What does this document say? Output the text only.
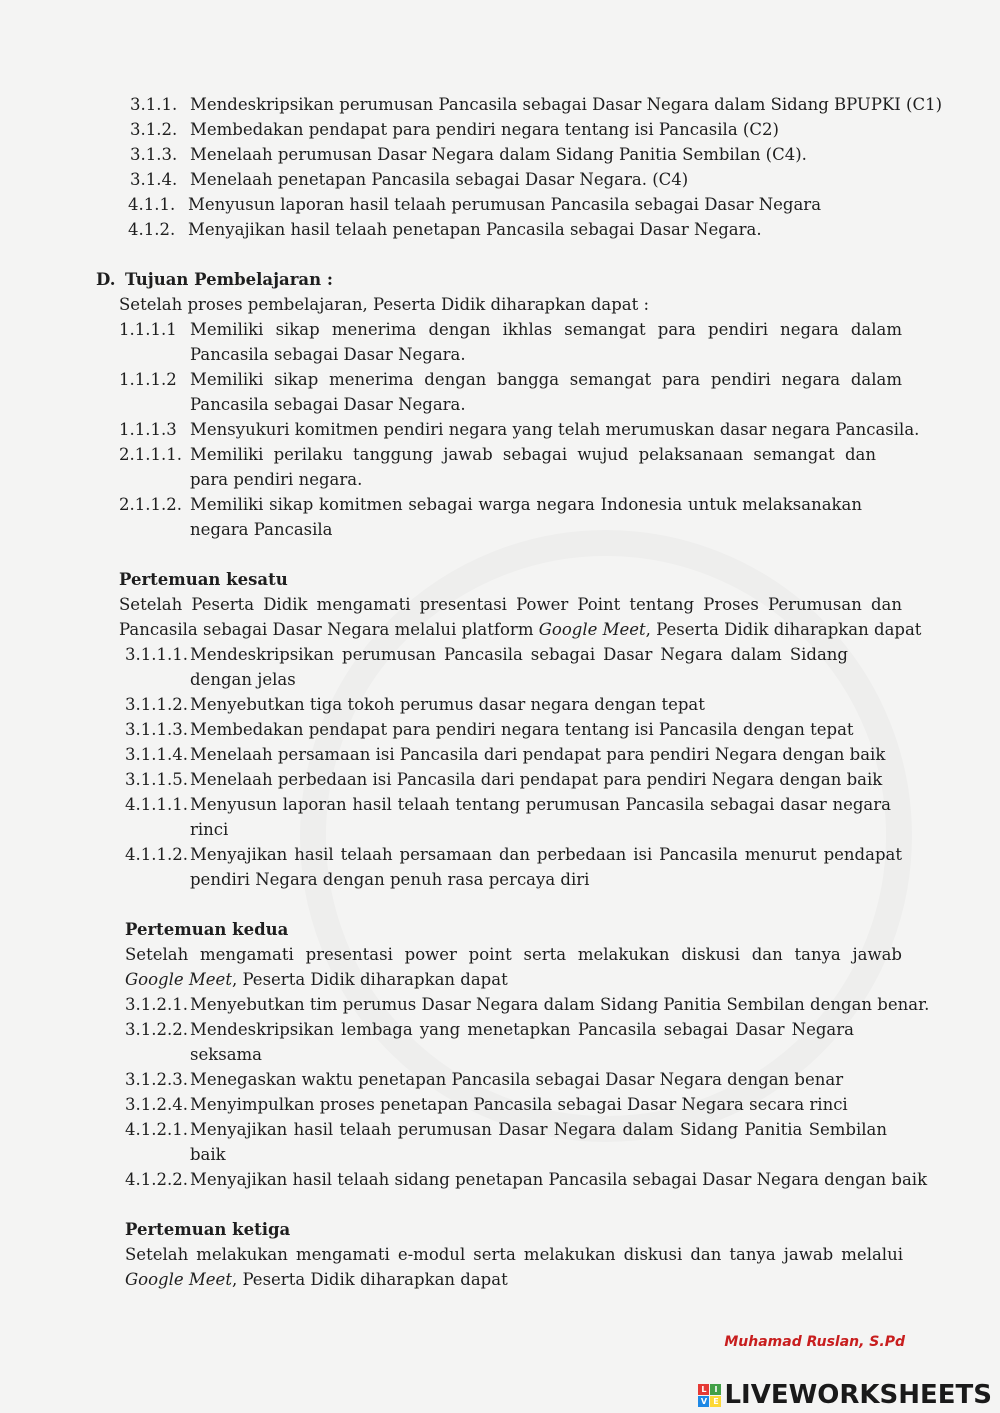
3.1.1. Mendeskripsikan perumusan Pancasila sebagai Dasar Negara dalam Sidang BPUPKI (C1)
3.1.2. Membedakan pendapat para pendiri negara tentang isi Pancasila (C2)
3.1.3. Menelaah perumusan Dasar Negara dalam Sidang Panitia Sembilan (C4).
3.1.4. Menelaah penetapan Pancasila sebagai Dasar Negara. (C4)
4.1.1. Menyusun laporan hasil telaah perumusan Pancasila sebagai Dasar Negara
4.1.2. Menyajikan hasil telaah penetapan Pancasila sebagai Dasar Negara.
D. Tujuan Pembelajaran :
Setelah proses pembelajaran, Peserta Didik diharapkan dapat :
1.1.1.1 Memiliki sikap menerima dengan ikhlas semangat para pendiri negara dalam
Pancasila sebagai Dasar Negara.
1.1.1.2 Memiliki sikap menerima dengan bangga semangat para pendiri negara dalam
Pancasila sebagai Dasar Negara.
1.1.1.3 Mensyukuri komitmen pendiri negara yang telah merumuskan dasar negara Pancasila.
2.1.1.1. Memiliki perilaku tanggung jawab sebagai wujud pelaksanaan semangat dan
para pendiri negara.
2.1.1.2. Memiliki sikap komitmen sebagai warga negara Indonesia untuk melaksanakan
negara Pancasila
Pertemuan kesatu
Setelah Peserta Didik mengamati presentasi Power Point tentang Proses Perumusan dan
Pancasila sebagai Dasar Negara melalui platform Google Meet, Peserta Didik diharapkan dapat
3.1.1.1. Mendeskripsikan perumusan Pancasila sebagai Dasar Negara dalam Sidang
dengan jelas
3.1.1.2. Menyebutkan tiga tokoh perumus dasar negara dengan tepat
3.1.1.3. Membedakan pendapat para pendiri negara tentang isi Pancasila dengan tepat
3.1.1.4. Menelaah persamaan isi Pancasila dari pendapat para pendiri Negara dengan baik
3.1.1.5. Menelaah perbedaan isi Pancasila dari pendapat para pendiri Negara dengan baik
4.1.1.1. Menyusun laporan hasil telaah tentang perumusan Pancasila sebagai dasar negara
rinci
4.1.1.2. Menyajikan hasil telaah persamaan dan perbedaan isi Pancasila menurut pendapat
pendiri Negara dengan penuh rasa percaya diri
Pertemuan kedua
Setelah mengamati presentasi power point serta melakukan diskusi dan tanya jawab
Google Meet, Peserta Didik diharapkan dapat
3.1.2.1. Menyebutkan tim perumus Dasar Negara dalam Sidang Panitia Sembilan dengan benar.
3.1.2.2. Mendeskripsikan lembaga yang menetapkan Pancasila sebagai Dasar Negara
seksama
3.1.2.3. Menegaskan waktu penetapan Pancasila sebagai Dasar Negara dengan benar
3.1.2.4. Menyimpulkan proses penetapan Pancasila sebagai Dasar Negara secara rinci
4.1.2.1. Menyajikan hasil telaah perumusan Dasar Negara dalam Sidang Panitia Sembilan
baik
4.1.2.2. Menyajikan hasil telaah sidang penetapan Pancasila sebagai Dasar Negara dengan baik
Pertemuan ketiga
Setelah melakukan mengamati e-modul serta melakukan diskusi dan tanya jawab melalui
Google Meet, Peserta Didik diharapkan dapat
Muhamad Ruslan, S.Pd
L I
V E LIVEWORKSHEETS
